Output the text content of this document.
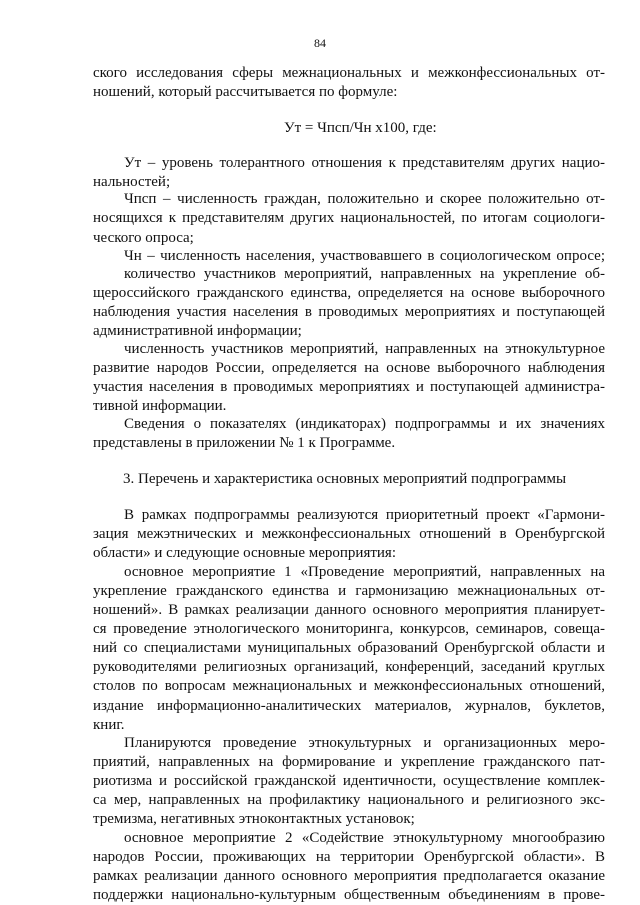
84
ского исследования сферы межнациональных и межконфессиональных от-
ношений, который рассчитывается по формуле:
Ут = Чпсп/Чн x100, где:
Ут – уровень толерантного отношения к представителям других нацио-
нальностей;
Чпсп – численность граждан, положительно и скорее положительно от-
носящихся к представителям других национальностей, по итогам социологи-
ческого опроса;
Чн – численность населения, участвовавшего в социологическом опросе;
количество участников мероприятий, направленных на укрепление об-
щероссийского гражданского единства, определяется на основе выборочного
наблюдения участия населения в проводимых мероприятиях и поступающей
административной информации;
численность участников мероприятий, направленных на этнокультурное
развитие народов России, определяется на основе выборочного наблюдения
участия населения в проводимых мероприятиях и поступающей администра-
тивной информации.
Сведения о показателях (индикаторах) подпрограммы и их значениях
представлены в приложении № 1 к Программе.
3. Перечень и характеристика основных мероприятий подпрограммы
В рамках подпрограммы реализуются приоритетный проект «Гармони-
зация межэтнических и межконфессиональных отношений в Оренбургской
области» и следующие основные мероприятия:
основное мероприятие 1 «Проведение мероприятий, направленных на
укрепление гражданского единства и гармонизацию межнациональных от-
ношений». В рамках реализации данного основного мероприятия планирует-
ся проведение этнологического мониторинга, конкурсов, семинаров, совеща-
ний со специалистами муниципальных образований Оренбургской области и
руководителями религиозных организаций, конференций, заседаний круглых
столов по вопросам межнациональных и межконфессиональных отношений,
издание информационно-аналитических материалов, журналов, буклетов,
книг.
Планируются проведение этнокультурных и организационных меро-
приятий, направленных на формирование и укрепление гражданского пат-
риотизма и российской гражданской идентичности, осуществление комплек-
са мер, направленных на профилактику национального и религиозного экс-
тремизма, негативных этноконтактных установок;
основное мероприятие 2 «Содействие этнокультурному многообразию
народов России, проживающих на территории Оренбургской области». В
рамках реализации данного основного мероприятия предполагается оказание
поддержки национально-культурным общественным объединениям в прове-
